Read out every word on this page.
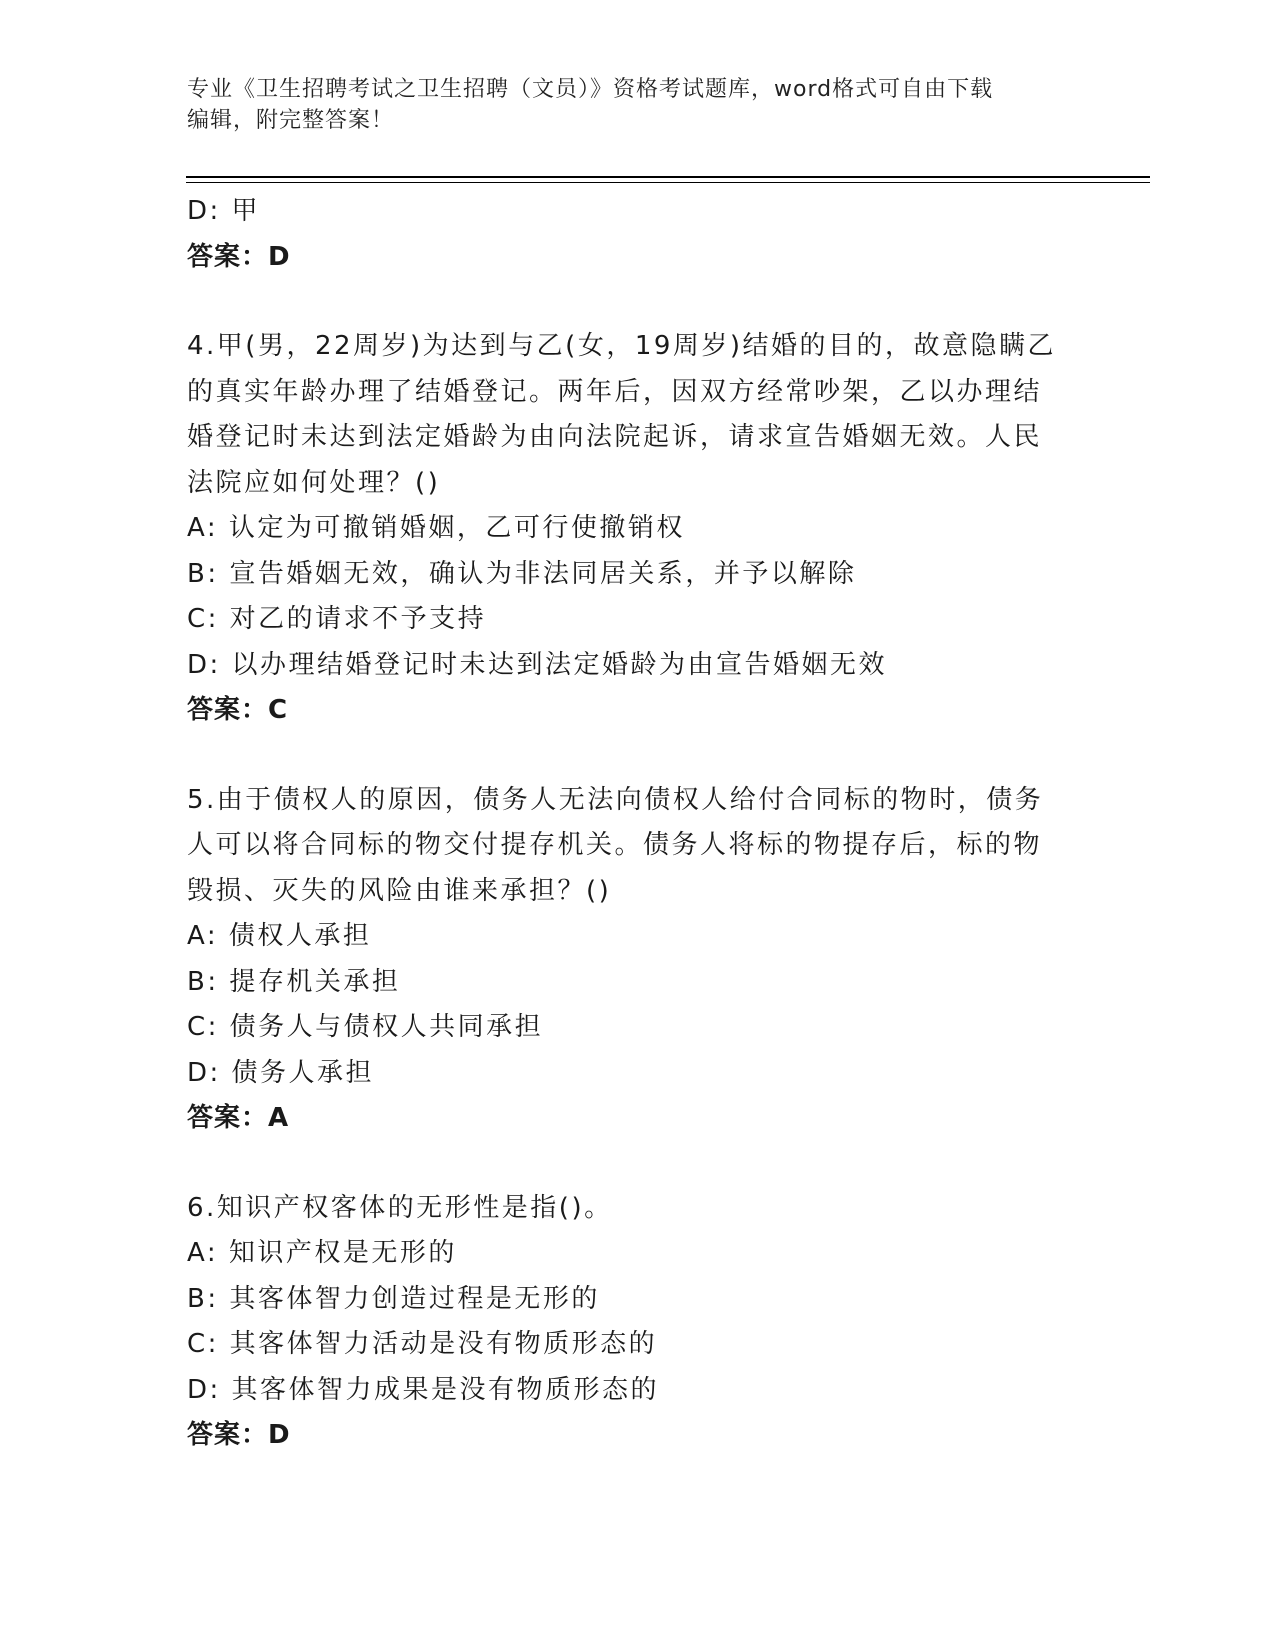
专业《卫生招聘考试之卫生招聘（文员）》资格考试题库，word格式可自由下载
编辑，附完整答案！
D: 甲
答案：D
4.甲(男，22周岁)为达到与乙(女，19周岁)结婚的目的，故意隐瞒乙
的真实年龄办理了结婚登记。两年后，因双方经常吵架，乙以办理结
婚登记时未达到法定婚龄为由向法院起诉，请求宣告婚姻无效。人民
法院应如何处理？()
A: 认定为可撤销婚姻，乙可行使撤销权
B: 宣告婚姻无效，确认为非法同居关系，并予以解除
C: 对乙的请求不予支持
D: 以办理结婚登记时未达到法定婚龄为由宣告婚姻无效
答案：C
5.由于债权人的原因，债务人无法向债权人给付合同标的物时，债务
人可以将合同标的物交付提存机关。债务人将标的物提存后，标的物
毁损、灭失的风险由谁来承担？()
A: 债权人承担
B: 提存机关承担
C: 债务人与债权人共同承担
D: 债务人承担
答案：A
6.知识产权客体的无形性是指()。
A: 知识产权是无形的
B: 其客体智力创造过程是无形的
C: 其客体智力活动是没有物质形态的
D: 其客体智力成果是没有物质形态的
答案：D
